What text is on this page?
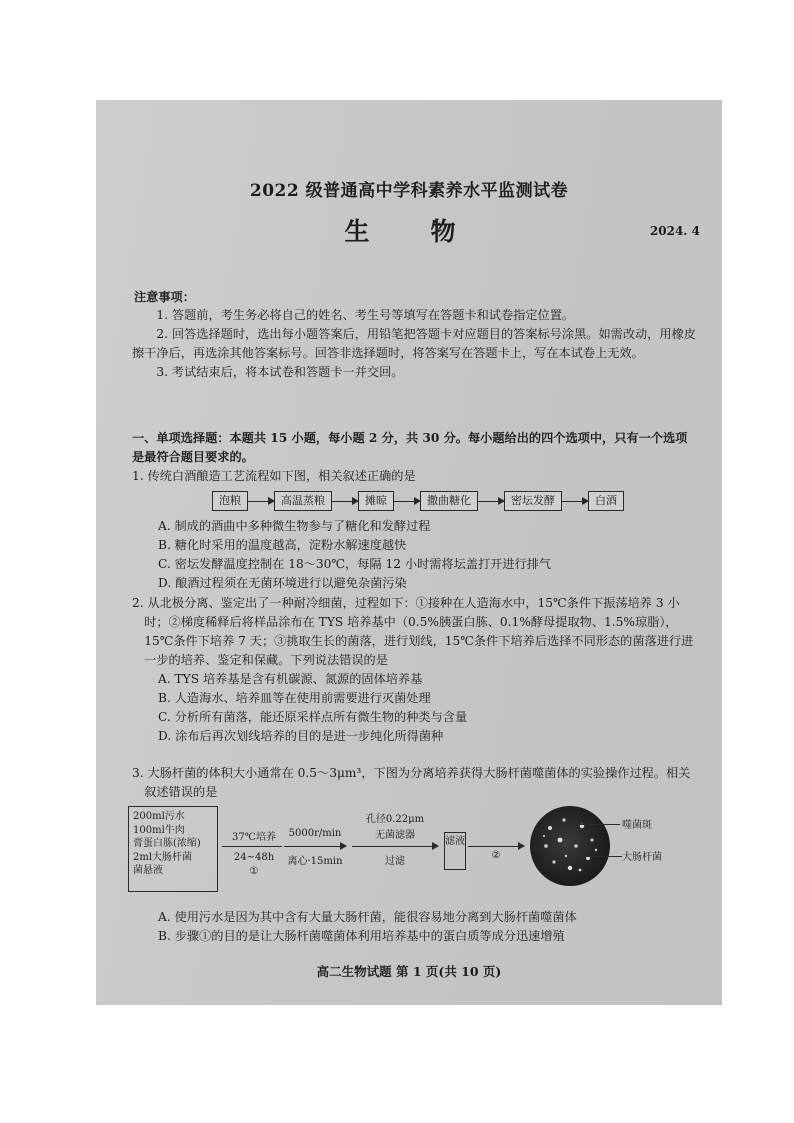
2022 级普通高中学科素养水平监测试卷
生　物	2024. 4
注意事项：

1. 答题前，考生务必将自己的姓名、考生号等填写在答题卡和试卷指定位置。

2. 回答选择题时，选出每小题答案后，用铅笔把答题卡对应题目的答案标号涂黑。如需改动，用橡皮擦干净后，再选涂其他答案标号。回答非选择题时，将答案写在答题卡上，写在本试卷上无效。

3. 考试结束后，将本试卷和答题卡一并交回。

一、单项选择题：本题共 15 小题，每小题 2 分，共 30 分。每小题给出的四个选项中，只有一个选项是最符合题目要求的。

1. 传统白酒酿造工艺流程如下图，相关叙述正确的是

泡粮	高温蒸粮	摊晾	撒曲糖化	密坛发酵	白酒

A. 制成的酒曲中多种微生物参与了糖化和发酵过程

B. 糖化时采用的温度越高，淀粉水解速度越快

C. 密坛发酵温度控制在 18～30℃，每隔 12 小时需将坛盖打开进行排气

D. 酿酒过程须在无菌环境进行以避免杂菌污染

2. 从北极分离、鉴定出了一种耐冷细菌，过程如下：①接种在人造海水中，15℃条件下振荡培养 3 小时；②梯度稀释后将样品涂布在 TYS 培养基中（0.5%胰蛋白胨、0.1%酵母提取物、1.5%琼脂），15℃条件下培养 7 天；③挑取生长的菌落，进行划线，15℃条件下培养后选择不同形态的菌落进行进一步的培养、鉴定和保藏。下列说法错误的是

A. TYS 培养基是含有机碳源、氮源的固体培养基

B. 人造海水、培养皿等在使用前需要进行灭菌处理

C. 分析所有菌落，能还原采样点所有微生物的种类与含量

D. 涂布后再次划线培养的目的是进一步纯化所得菌种

3. 大肠杆菌的体积大小通常在 0.5～3μm³，下图为分离培养获得大肠杆菌噬菌体的实验操作过程。相关叙述错误的是

200ml污水
100ml牛肉
膏蛋白胨(浓缩)
2ml大肠杆菌
菌悬液
37℃培养
24~48h
①
5000r/min
离心·15min
孔径0.22μm
无菌滤器
过滤
滤液
②
噬菌斑
大肠杆菌

A. 使用污水是因为其中含有大量大肠杆菌，能很容易地分离到大肠杆菌噬菌体

B. 步骤①的目的是让大肠杆菌噬菌体利用培养基中的蛋白质等成分迅速增殖

高二生物试题 第 1 页(共 10 页)
